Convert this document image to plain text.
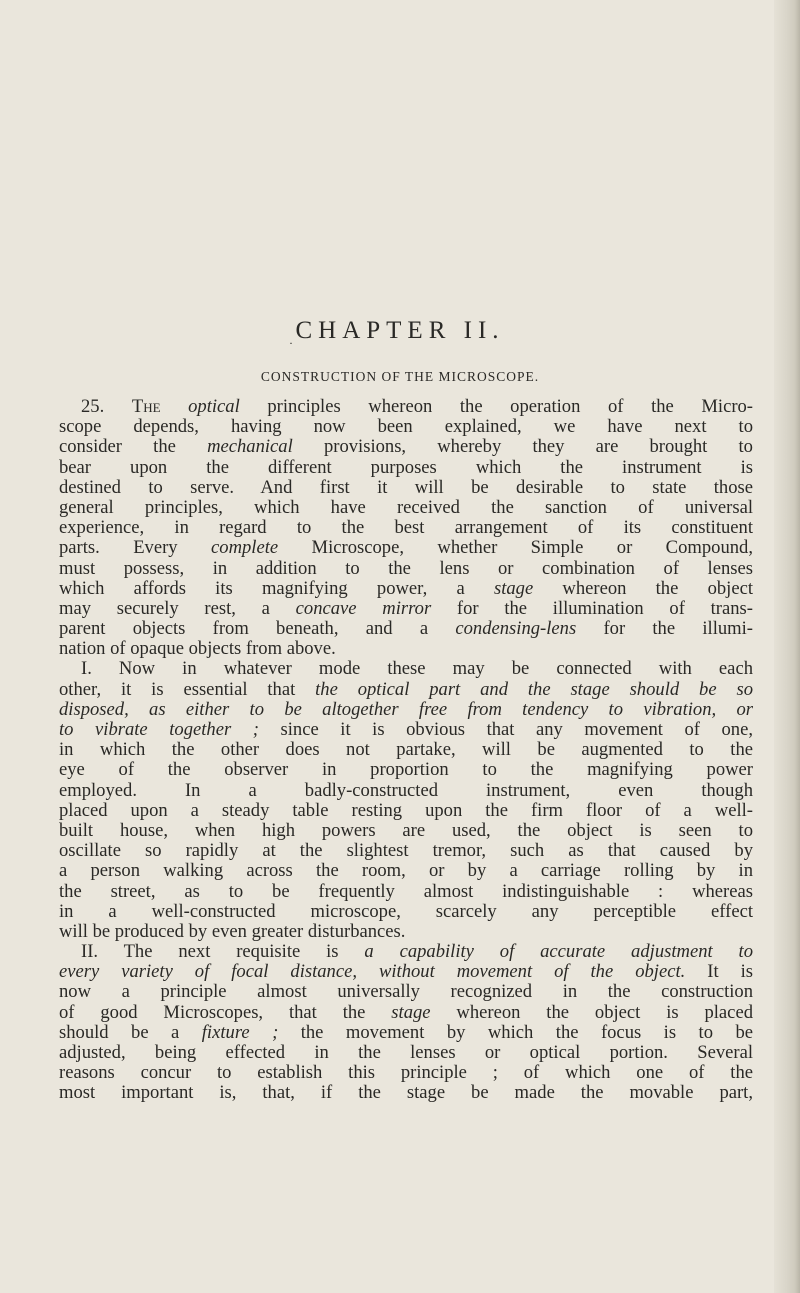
· CHAPTER II.
CONSTRUCTION OF THE MICROSCOPE.
25. The optical principles whereon the operation of the Micro-
scope depends, having now been explained, we have next to
consider the mechanical provisions, whereby they are brought to
bear upon the different purposes which the instrument is
destined to serve. And first it will be desirable to state those
general principles, which have received the sanction of universal
experience, in regard to the best arrangement of its constituent
parts. Every complete Microscope, whether Simple or Compound,
must possess, in addition to the lens or combination of lenses
which affords its magnifying power, a stage whereon the object
may securely rest, a concave mirror for the illumination of trans-
parent objects from beneath, and a condensing-lens for the illumi-
nation of opaque objects from above.
I. Now in whatever mode these may be connected with each
other, it is essential that the optical part and the stage should be so
disposed, as either to be altogether free from tendency to vibration, or
to vibrate together ; since it is obvious that any movement of one,
in which the other does not partake, will be augmented to the
eye of the observer in proportion to the magnifying power
employed. In a badly-constructed instrument, even though
placed upon a steady table resting upon the firm floor of a well-
built house, when high powers are used, the object is seen to
oscillate so rapidly at the slightest tremor, such as that caused by
a person walking across the room, or by a carriage rolling by in
the street, as to be frequently almost indistinguishable : whereas
in a well-constructed microscope, scarcely any perceptible effect
will be produced by even greater disturbances.
II. The next requisite is a capability of accurate adjustment to
every variety of focal distance, without movement of the object. It is
now a principle almost universally recognized in the construction
of good Microscopes, that the stage whereon the object is placed
should be a fixture ; the movement by which the focus is to be
adjusted, being effected in the lenses or optical portion. Several
reasons concur to establish this principle ; of which one of the
most important is, that, if the stage be made the movable part,
